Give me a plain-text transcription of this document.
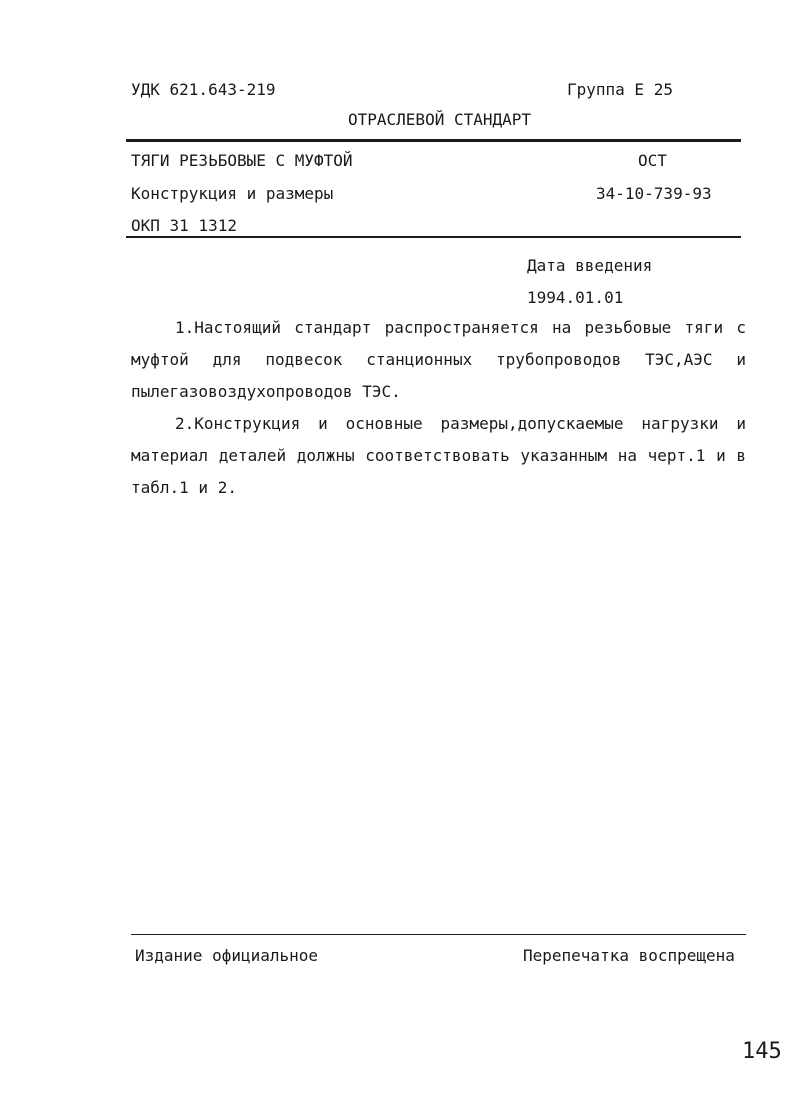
УДК 621.643-219	Группа Е 25
ОТРАСЛЕВОЙ СТАНДАРТ
ТЯГИ РЕЗЬБОВЫЕ С МУФТОЙ	ОСТ
Конструкция и размеры	34-10-739-93
ОКП 31 1312
Дата введения
1994.01.01
1.Настоящий стандарт распространяется на резьбовые тяги с муфтой для подвесок станционных трубопроводов ТЭС,АЭС и пылегазовоздухопроводов ТЭС.
2.Конструкция и основные размеры,допускаемые нагрузки и материал деталей должны соответствовать указанным на черт.1 и в табл.1 и 2.
Издание официальное	Перепечатка воспрещена
145
